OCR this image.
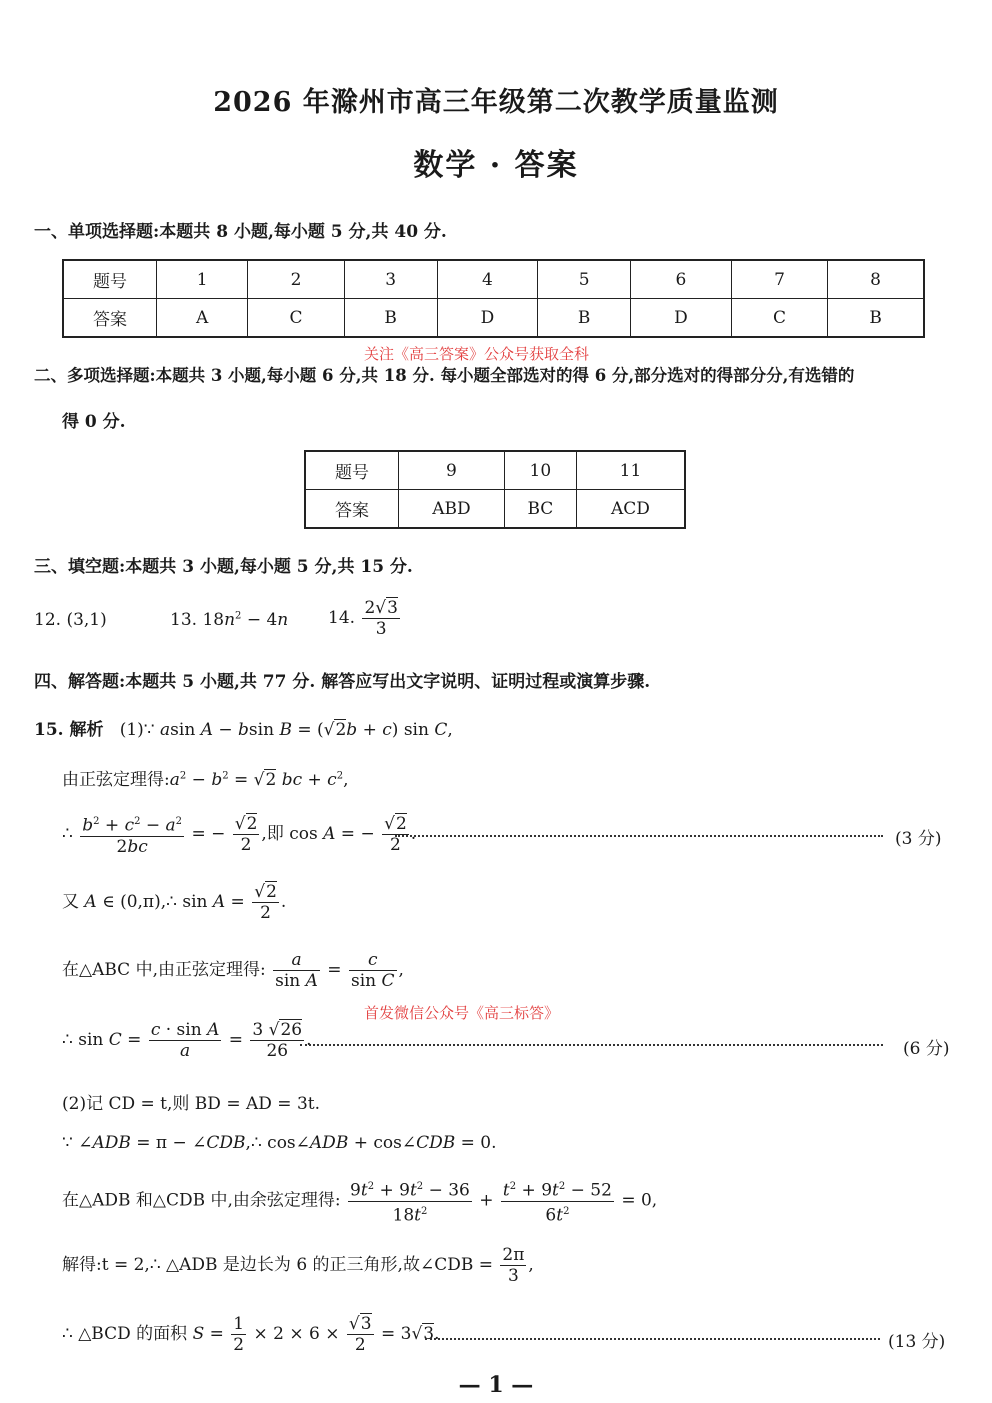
2026 年滁州市高三年级第二次教学质量监测
数学 · 答案
一、单项选择题:本题共 8 小题,每小题 5 分,共 40 分.
题号	1	2	3	4	5	6	7	8
答案	A	C	B	D	B	D	C	B
关注《高三答案》公众号获取全科
二、多项选择题:本题共 3 小题,每小题 6 分,共 18 分. 每小题全部选对的得 6 分,部分选对的得部分分,有选错的
得 0 分.
题号	9	10	11
答案	ABD	BC	ACD
三、填空题:本题共 3 小题,每小题 5 分,共 15 分.
12. (3,1)	13. $18n^2 - 4n$ 14. $\frac{2√3}{3}$
四、解答题:本题共 5 小题,共 77 分. 解答应写出文字说明、证明过程或演算步骤.
15. 解析 (1)∵ asin A − bsin B = (√2b + c) sin C,
由正弦定理得$:a^2 - b^2 = √2$ bc + $c^2$,
∴ $\frac{b^2 + c^2 - a^2}{2bc}$ = − $\frac{√2}{2}$ ,即 cos A = − $\frac{√2}{2}$ .	(3 分)
又 A ∈ (0,π),∴ $\sin A = \frac{√2}{2}$ .
在△ABC 中,由正弦定理得: $\frac{a}{\text{sin A}} = \frac{c}{\text{sin C}}$ ,
首发微信公众号《高三标答》
∴ $\sin C = \frac{\text{c · sin A}}{a} = \frac{3 √26}{26}$ .	(6 分)
(2)记 CD = t,则 BD = AD = 3t.
∵ ∠ADB = π − ∠CDB,∴ cos∠ADB + cos∠CDB = 0.
在△ADB 和△CDB 中,由余弦定理得: $\frac{9t^2 + 9t^2 - 36}{18t^2} + \frac{t^2 + 9t^2 - 52}{6t^2} = 0$,
解得:t = 2,∴ △ADB 是边长为 6 的正三角形,故∠CDB = $\frac{2\pi}{3}$ ,
∴ △BCD 的面积 $S = \frac{1}{2} \times 2 \times 6 \times \frac{√3}{2} = 3√3$.	(13 分)
— 1 —
